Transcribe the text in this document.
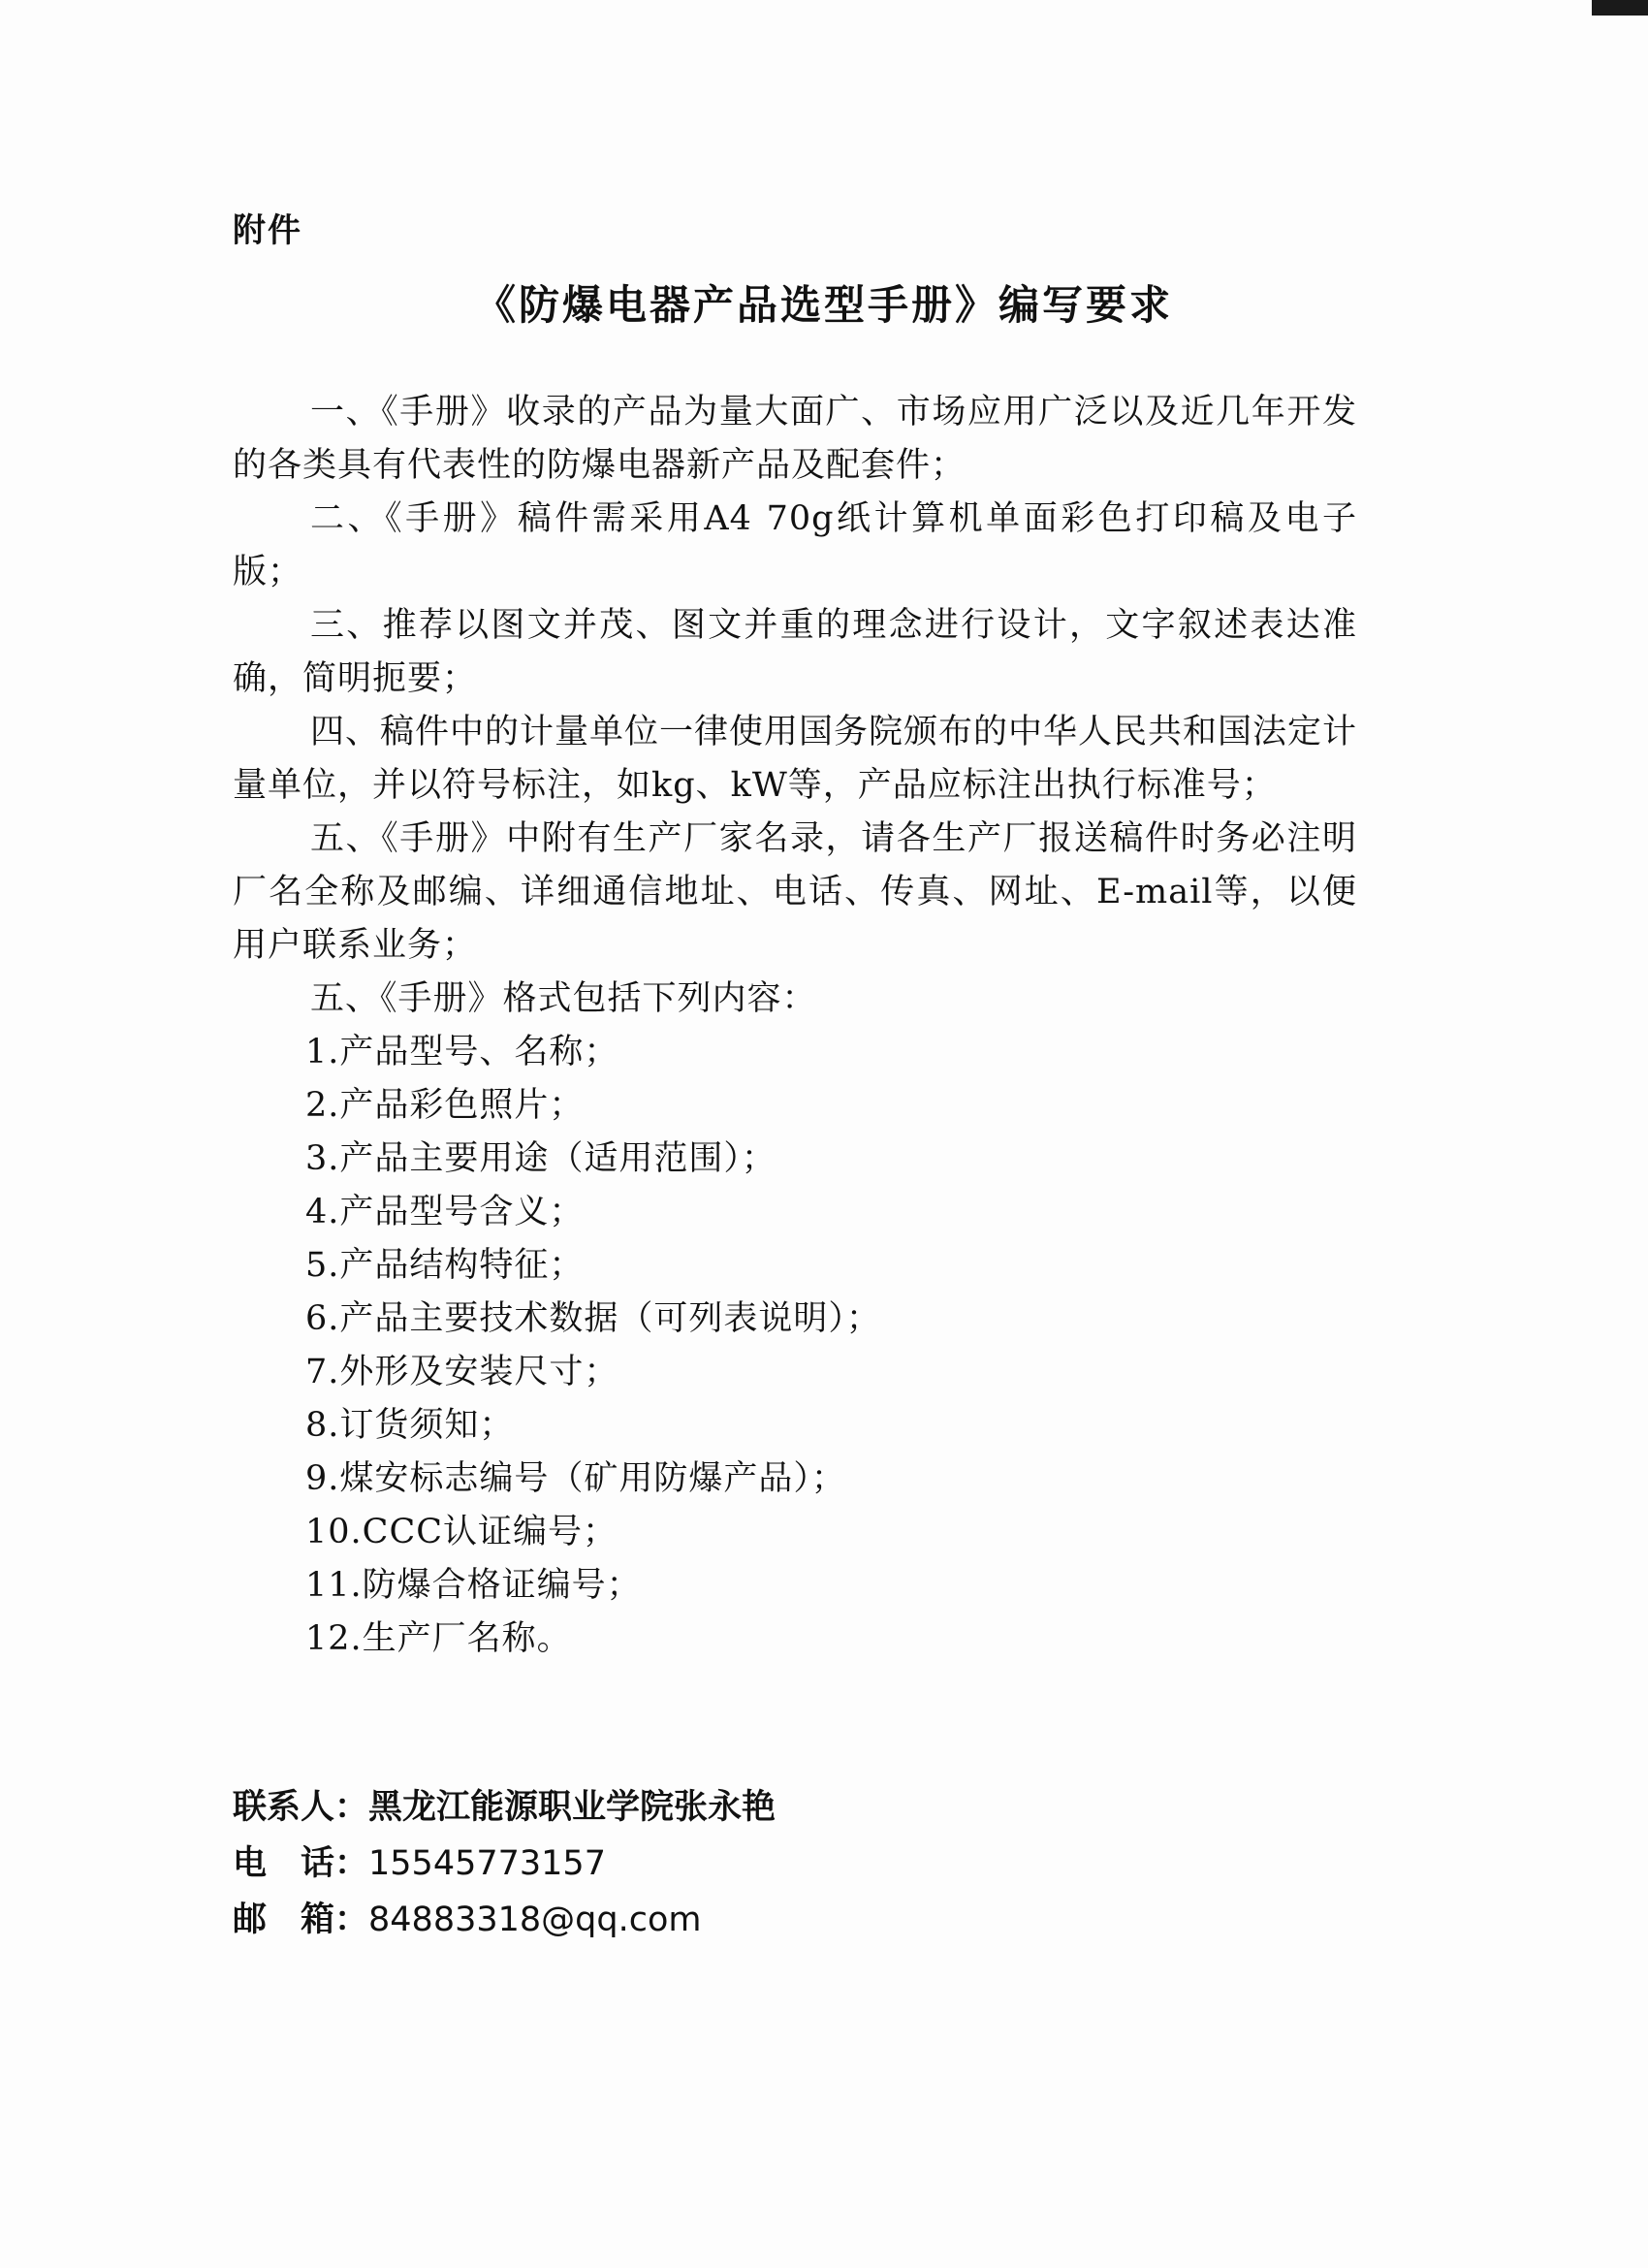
附件
《防爆电器产品选型手册》编写要求

一、《手册》收录的产品为量大面广、市场应用广泛以及近几年开发的各类具有代表性的防爆电器新产品及配套件；

二、《手册》稿件需采用A4 70g纸计算机单面彩色打印稿及电子版；

三、推荐以图文并茂、图文并重的理念进行设计，文字叙述表达准确，简明扼要；

四、稿件中的计量单位一律使用国务院颁布的中华人民共和国法定计量单位，并以符号标注，如kg、kW等，产品应标注出执行标准号；

五、《手册》中附有生产厂家名录，请各生产厂报送稿件时务必注明厂名全称及邮编、详细通信地址、电话、传真、网址、E-mail等，以便用户联系业务；

五、《手册》格式包括下列内容：

1.产品型号、名称；

2.产品彩色照片；

3.产品主要用途（适用范围）；

4.产品型号含义；

5.产品结构特征；

6.产品主要技术数据（可列表说明）；

7.外形及安装尺寸；

8.订货须知；

9.煤安标志编号（矿用防爆产品）；

10.CCC认证编号；

11.防爆合格证编号；

12.生产厂名称。

联系人：黑龙江能源职业学院张永艳
电　话：15545773157
邮　箱：84883318@qq.com
